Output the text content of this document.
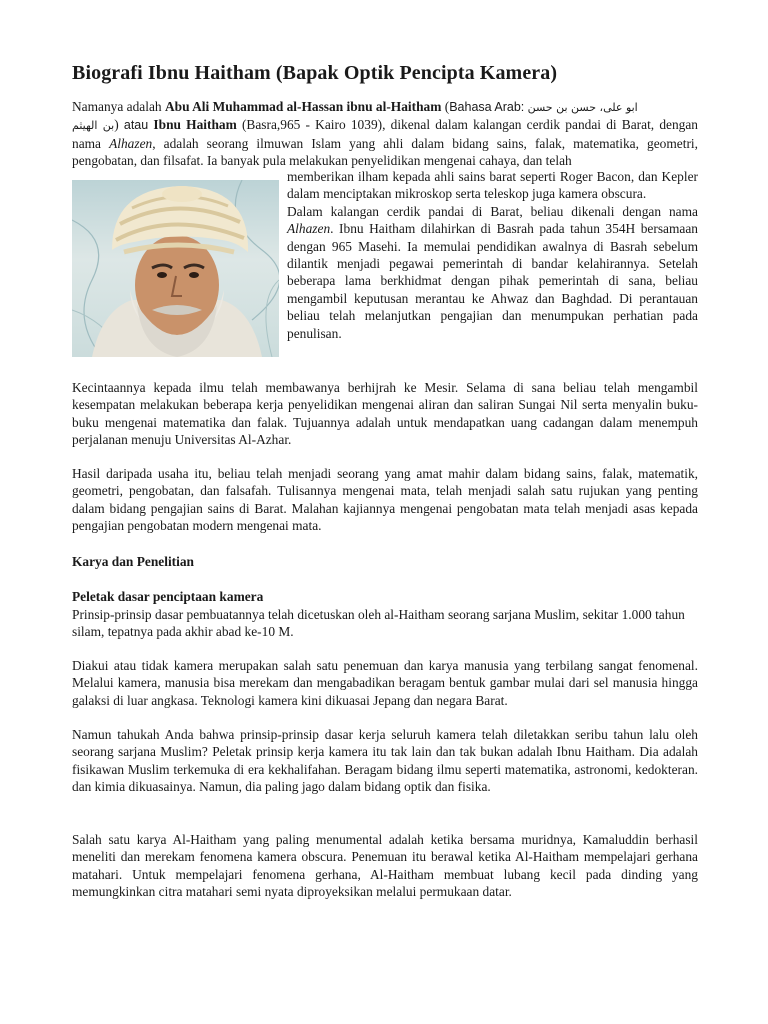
Biografi Ibnu Haitham (Bapak Optik Pencipta Kamera)
Namanya adalah Abu Ali Muhammad al-Hassan ibnu al-Haitham (Bahasa Arab: ابو علی، حسن بن حسن
بن الهيثم) atau Ibnu Haitham (Basra,965 - Kairo 1039), dikenal dalam kalangan cerdik pandai di Barat, dengan nama Alhazen, adalah seorang ilmuwan Islam yang ahli dalam bidang sains, falak, matematika, geometri, pengobatan, dan filsafat. Ia banyak pula melakukan penyelidikan mengenai cahaya, dan telah

memberikan ilham kepada ahli sains barat seperti Roger Bacon, dan Kepler dalam menciptakan mikroskop serta teleskop juga kamera obscura.

Dalam kalangan cerdik pandai di Barat, beliau dikenali dengan nama Alhazen. Ibnu Haitham dilahirkan di Basrah pada tahun 354H bersamaan dengan 965 Masehi. Ia memulai pendidikan awalnya di Basrah sebelum dilantik menjadi pegawai pemerintah di bandar kelahirannya. Setelah beberapa lama berkhidmat dengan pihak pemerintah di sana, beliau mengambil keputusan merantau ke Ahwaz dan Baghdad. Di perantauan beliau telah melanjutkan pengajian dan menumpukan perhatian pada penulisan.

Kecintaannya kepada ilmu telah membawanya berhijrah ke Mesir. Selama di sana beliau telah mengambil kesempatan melakukan beberapa kerja penyelidikan mengenai aliran dan saliran Sungai Nil serta menyalin buku-buku mengenai matematika dan falak. Tujuannya adalah untuk mendapatkan uang cadangan dalam menempuh perjalanan menuju Universitas Al-Azhar.
Hasil daripada usaha itu, beliau telah menjadi seorang yang amat mahir dalam bidang sains, falak, matematik, geometri, pengobatan, dan falsafah. Tulisannya mengenai mata, telah menjadi salah satu rujukan yang penting dalam bidang pengajian sains di Barat. Malahan kajiannya mengenai pengobatan mata telah menjadi asas kepada pengajian pengobatan modern mengenai mata.
Karya dan Penelitian
Peletak dasar penciptaan kamera
Prinsip-prinsip dasar pembuatannya telah dicetuskan oleh al-Haitham seorang sarjana Muslim, sekitar 1.000 tahun silam, tepatnya pada akhir abad ke-10 M.
Diakui atau tidak kamera merupakan salah satu penemuan dan karya manusia yang terbilang sangat fenomenal. Melalui kamera, manusia bisa merekam dan mengabadikan beragam bentuk gambar mulai dari sel manusia hingga galaksi di luar angkasa. Teknologi kamera kini dikuasai Jepang dan negara Barat.
Namun tahukah Anda bahwa prinsip-prinsip dasar kerja seluruh kamera telah diletakkan seribu tahun lalu oleh seorang sarjana Muslim? Peletak prinsip kerja kamera itu tak lain dan tak bukan adalah Ibnu Haitham. Dia adalah fisikawan Muslim terkemuka di era kekhalifahan. Beragam bidang ilmu seperti matematika, astronomi, kedokteran. dan kimia dikuasainya. Namun, dia paling jago dalam bidang optik dan fisika.
Salah satu karya Al-Haitham yang paling menumental adalah ketika bersama muridnya, Kamaluddin berhasil meneliti dan merekam fenomena kamera obscura. Penemuan itu berawal ketika Al-Haitham mempelajari gerhana matahari. Untuk mempelajari fenomena gerhana, Al-Haitham membuat lubang kecil pada dinding yang memungkinkan citra matahari semi nyata diproyeksikan melalui permukaan datar.
